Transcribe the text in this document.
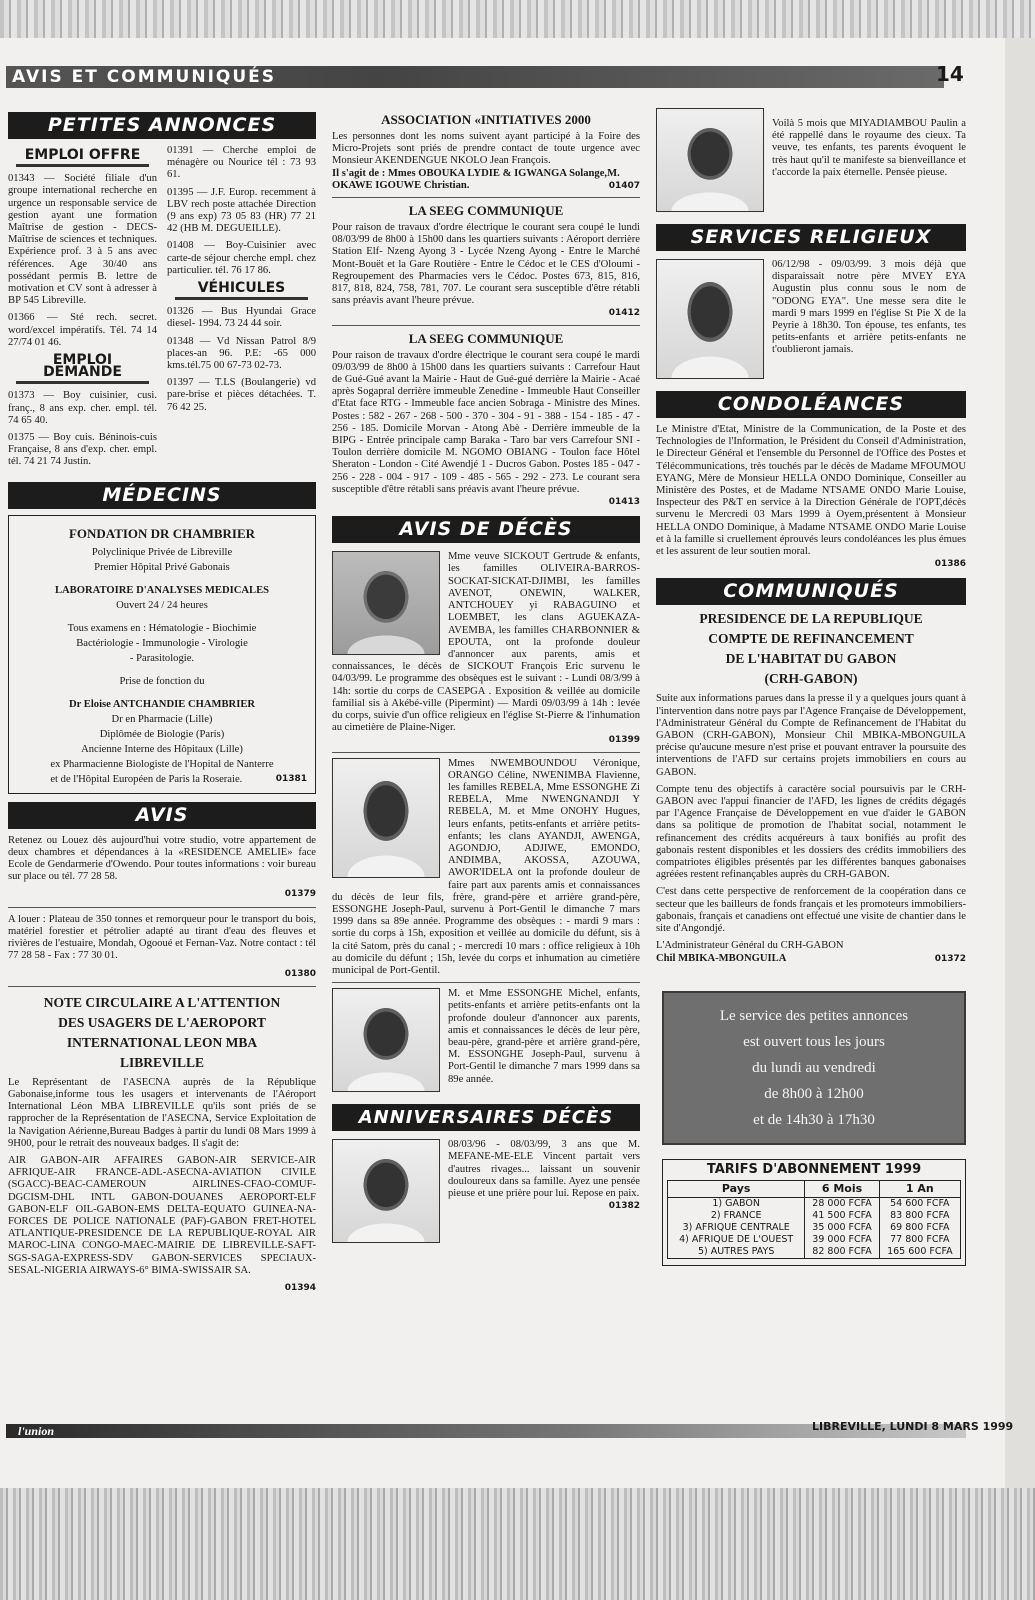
AVIS ET COMMUNIQUÉS	14
PETITES ANNONCES
EMPLOI OFFRE

01343 — Société filiale d'un groupe international recherche en urgence un responsable service de gestion ayant une formation Maîtrise de gestion - DECS- Maîtrise de sciences et techniques. Expérience prof. 3 à 5 ans avec références. Age 30/40 ans possédant permis B. lettre de motivation et CV sont à adresser à BP 545 Libreville.

01366 — Sté rech. secret. word/excel impératifs. Tél. 74 14 27/74 01 46.

EMPLOI DEMANDE

01373 — Boy cuisinier, cusi. franç., 8 ans exp. cher. empl. tél. 74 65 40.

01375 — Boy cuis. Béninois-cuis Française, 8 ans d'exp. cher. empl. tél. 74 21 74 Justin.

01391 — Cherche emploi de ménagère ou Nourice tél : 73 93 61.

01395 — J.F. Europ. recemment à LBV rech poste attachée Direction (9 ans exp) 73 05 83 (HR) 77 21 42 (HB M. DEGUEILLE).

01408 — Boy-Cuisinier avec carte-de séjour cherche empl. chez particulier. tél. 76 17 86.

VÉHICULES

01326 — Bus Hyundai Grace diesel- 1994. 73 24 44 soir.

01348 — Vd Nissan Patrol 8/9 places-an 96. P.E: -65 000 kms.tél.75 00 67-73 02-73.

01397 — T.LS (Boulangerie) vd pare-brise et pièces détachées. T. 76 42 25.

MÉDECINS
FONDATION DR CHAMBRIER
Polyclinique Privée de Libreville
Premier Hôpital Privé Gabonais
LABORATOIRE D'ANALYSES MEDICALES
Ouvert 24 / 24 heures
Tous examens en : Hématologie - Biochimie
Bactériologie - Immunologie - Virologie
- Parasitologie.
Prise de fonction du
Dr Eloise ANTCHANDIE CHAMBRIER
Dr en Pharmacie (Lille)
Diplômée de Biologie (Paris)
Ancienne Interne des Hôpitaux (Lille)
ex Pharmacienne Biologiste de l'Hopital de Nanterre
et de l'Hôpital Européen de Paris la Roseraie.	01381
AVIS

Retenez ou Louez dès aujourd'hui votre studio, votre appartement de deux chambres et dépendances à la «RESIDENCE AMELIE» face Ecole de Gendarmerie d'Owendo. Pour toutes informations : voir bureau sur place ou tél. 77 28 58.

01379

A louer : Plateau de 350 tonnes et remorqueur pour le transport du bois, matériel forestier et pétrolier adapté au tirant d'eau des fleuves et rivières de l'estuaire, Mondah, Ogooué et Fernan-Vaz. Notre contact : tél 77 28 58 - Fax : 77 30 01.

01380
NOTE CIRCULAIRE A L'ATTENTION
DES USAGERS DE L'AEROPORT
INTERNATIONAL LEON MBA
LIBREVILLE

Le Représentant de l'ASECNA auprès de la République Gabonaise,informe tous les usagers et intervenants de l'Aéroport International Léon MBA LIBREVILLE qu'ils sont priés de se rapprocher de la Représentation de l'ASECNA, Service Exploitation de la Navigation Aérienne,Bureau Badges à partir du lundi 08 Mars 1999 à 9H00, pour le retrait des nouveaux badges. Il s'agit de:

AIR GABON-AIR AFFAIRES GABON-AIR SERVICE-AIR AFRIQUE-AIR FRANCE-ADL-ASECNA-AVIATION CIVILE (SGACC)-BEAC-CAMEROUN AIRLINES-CFAO-COMUF-DGCISM-DHL INTL GABON-DOUANES AEROPORT-ELF GABON-ELF OIL-GABON-EMS DELTA-EQUATO GUINEA-NA-FORCES DE POLICE NATIONALE (PAF)-GABON FRET-HOTEL ATLANTIQUE-PRESIDENCE DE LA REPUBLIQUE-ROYAL AIR MAROC-LINA CONGO-MAEC-MAIRIE DE LIBREVILLE-SAFT-SGS-SAGA-EXPRESS-SDV GABON-SERVICES SPECIAUX-SESAL-NIGERIA AIRWAYS-6° BIMA-SWISSAIR SA.

01394
ASSOCIATION «INITIATIVES 2000

Les personnes dont les noms suivent ayant participé à la Foire des Micro-Projets sont priés de prendre contact de toute urgence avec Monsieur AKENDENGUE NKOLO Jean François.

Il s'agit de : Mmes OBOUKA LYDIE & IGWANGA Solange,M. OKAWE IGOUWE Christian.	01407
LA SEEG COMMUNIQUE

Pour raison de travaux d'ordre électrique le courant sera coupé le lundi 08/03/99 de 8h00 à 15h00 dans les quartiers suivants : Aéroport derrière Station Elf- Nzeng Ayong 3 - Lycée Nzeng Ayong - Entre le Marché Mont-Bouët et la Gare Routière - Entre le Cédoc et le CES d'Oloumi - Regroupement des Pharmacies vers le Cédoc. Postes 673, 815, 816, 817, 818, 824, 758, 781, 707. Le courant sera susceptible d'être rétabli sans préavis avant l'heure prévue.

01412
LA SEEG COMMUNIQUE

Pour raison de travaux d'ordre électrique le courant sera coupé le mardi 09/03/99 de 8h00 à 15h00 dans les quartiers suivants : Carrefour Haut de Gué-Gué avant la Mairie - Haut de Gué-gué derrière la Mairie - Acaé après Sogapral derrière immeuble Zenedine - Immeuble Haut Conseiller d'Etat face RTG - Immeuble face ancien Sobraga - Ministre des Mines. Postes : 582 - 267 - 268 - 500 - 370 - 304 - 91 - 388 - 154 - 185 - 47 - 256 - 185. Domicile Morvan - Atong Abè - Derrière immeuble de la BIPG - Entrée principale camp Baraka - Taro bar vers Carrefour SNI - Toulon derrière domicile M. NGOMO OBIANG - Toulon face Hôtel Sheraton - London - Cité Awendjé 1 - Ducros Gabon. Postes 185 - 047 - 256 - 228 - 004 - 917 - 109 - 485 - 565 - 292 - 273. Le courant sera susceptible d'être rétabli sans préavis avant l'heure prévue.

01413
AVIS DE DÉCÈS

Mme veuve SICKOUT Gertrude & enfants, les familles OLIVEIRA-BARROS-SOCKAT-SICKAT-DJIMBI, les familles AVENOT, ONEWIN, WALKER, ANTCHOUEY yi RABAGUINO et LOEMBET, les clans AGUEKAZA-AVEMBA, les familles CHARBONNIER & EPOUTA, ont la profonde douleur d'annoncer aux parents, amis et connaissances, le décès de SICKOUT François Eric survenu le 04/03/99. Le programme des obsèques est le suivant : - Lundi 08/3/99 à 14h: sortie du corps de CASEPGA . Exposition & veillée au domicile familial sis à Akébé-ville (Pipermint) — Mardi 09/03/99 à 14h : levée du corps, suivie d'un office religieux en l'église St-Pierre & l'inhumation au cimetière de Plaine-Niger.

01399

Mmes NWEMBOUNDOU Véronique, ORANGO Céline, NWENIMBA Flavienne, les familles REBELA, Mme ESSONGHE Zi REBELA, Mme NWENGNANDJI Y REBELA, M. et Mme ONOHY Hugues, leurs enfants, petits-enfants et arrière petits-enfants; les clans AYANDJI, AWENGA, AGONDJO, ADJIWE, EMONDO, ANDIMBA, AKOSSA, AZOUWA, AWOR'IDELA ont la profonde douleur de faire part aux parents amis et connaissances du décès de leur fils, frère, grand-père et arrière grand-père, ESSONGHE Joseph-Paul, survenu à Port-Gentil le dimanche 7 mars 1999 dans sa 89e année. Programme des obsèques : - mardi 9 mars : sortie du corps à 15h, exposition et veillée au domicile du défunt, sis à la cité Satom, près du canal ; - mercredi 10 mars : office religieux à 10h au domicile du défunt ; 15h, levée du corps et inhumation au cimetière municipal de Port-Gentil.

M. et Mme ESSONGHE Michel, enfants, petits-enfants et arrière petits-enfants ont la profonde douleur d'annoncer aux parents, amis et connaissances le décès de leur père, beau-père, grand-père et arrière grand-père, M. ESSONGHE Joseph-Paul, survenu à Port-Gentil le dimanche 7 mars 1999 dans sa 89e année.

ANNIVERSAIRES DÉCÈS

08/03/96 - 08/03/99, 3 ans que M. MEFANE-ME-ELE Vincent partait vers d'autres rivages... laissant un souvenir douloureux dans sa famille. Ayez une pensée pieuse et une prière pour lui. Repose en paix.

01382

Voilà 5 mois que MIYADIAMBOU Paulin a été rappellé dans le royaume des cieux. Ta veuve, tes enfants, tes parents évoquent le très haut qu'il te manifeste sa bienveillance et t'accorde la paix éternelle. Pensée pieuse.

SERVICES RELIGIEUX

06/12/98 - 09/03/99. 3 mois déjà que disparaissait notre père MVEY EYA Augustin plus connu sous le nom de "ODONG EYA". Une messe sera dite le mardi 9 mars 1999 en l'église St Pie X de la Peyrie à 18h30. Ton épouse, tes enfants, tes petits-enfants et arrière petits-enfants ne t'oublieront jamais.

CONDOLÉANCES

Le Ministre d'Etat, Ministre de la Communication, de la Poste et des Technologies de l'Information, le Président du Conseil d'Administration, le Directeur Général et l'ensemble du Personnel de l'Office des Postes et Télécommunications, très touchés par le décès de Madame MFOUMOU EYANG, Mère de Monsieur HELLA ONDO Dominique, Conseiller au Ministère des Postes, et de Madame NTSAME ONDO Marie Louise, Inspecteur des P&T en service à la Direction Générale de l'OPT,décès survenu le Mercredi 03 Mars 1999 à Oyem,présentent à Monsieur HELLA ONDO Dominique, à Madame NTSAME ONDO Marie Louise et à la famille si cruellement éprouvés leurs condoléances les plus émues et les assurent de leur soutien moral.

01386
COMMUNIQUÉS
PRESIDENCE DE LA REPUBLIQUE
COMPTE DE REFINANCEMENT
DE L'HABITAT DU GABON
(CRH-GABON)

Suite aux informations parues dans la presse il y a quelques jours quant à l'intervention dans notre pays par l'Agence Française de Développement, l'Administrateur Général du Compte de Refinancement de l'Habitat du GABON (CRH-GABON), Monsieur Chil MBIKA-MBONGUILA précise qu'aucune mesure n'est prise et pouvant entraver la poursuite des interventions de l'AFD sur certains projets immobiliers en cours au GABON.

Compte tenu des objectifs à caractère social poursuivis par le CRH-GABON avec l'appui financier de l'AFD, les lignes de crédits dégagés par l'Agence Française de Développement en vue d'aider le GABON dans sa politique de promotion de l'habitat social, notamment le refinancement des crédits acquéreurs à taux bonifiés au profit des gabonais restent disponibles et les dossiers des crédits immobiliers des compatriotes éligibles présentés par les différentes banques gabonaises agréées restent refinançables auprès du CRH-GABON.

C'est dans cette perspective de renforcement de la coopération dans ce secteur que les bailleurs de fonds français et les promoteurs immobiliers-gabonais, français et canadiens ont effectué une visite de chantier dans le site d'Angondjé.

L'Administrateur Général du CRH-GABON
Chil MBIKA-MBONGUILA	01372
Le service des petites annonces
est ouvert tous les jours
du lundi au vendredi
de 8h00 à 12h00
et de 14h30 à 17h30
TARIFS D'ABONNEMENT 1999
Pays	6 Mois	1 An
1) GABON	28 000 FCFA	54 600 FCFA
2) FRANCE	41 500 FCFA	83 800 FCFA
3) AFRIQUE CENTRALE	35 000 FCFA	69 800 FCFA
4) AFRIQUE DE L'OUEST	39 000 FCFA	77 800 FCFA
5) AUTRES PAYS	82 800 FCFA	165 600 FCFA
l'union	LIBREVILLE, LUNDI 8 MARS 1999
